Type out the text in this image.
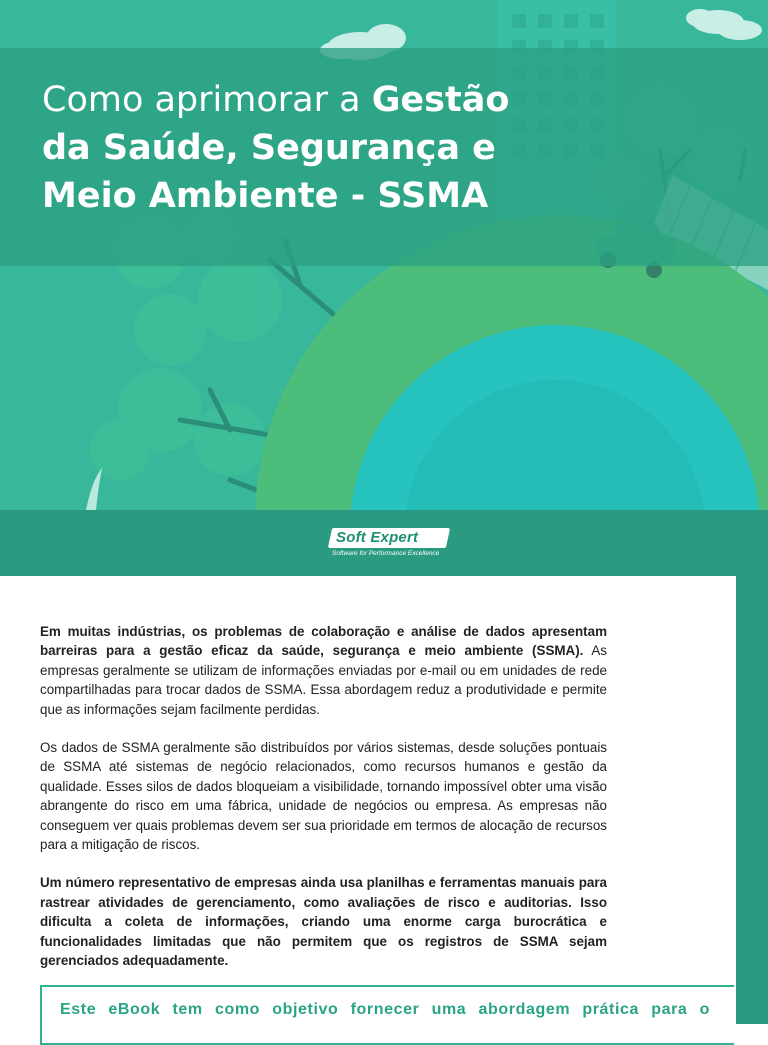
Como aprimorar a Gestão
da Saúde, Segurança e
Meio Ambiente - SSMA
Soft Expert
Software for Performance Excellence

Em muitas indústrias, os problemas de colaboração e análise de dados apresentam barreiras para a gestão eficaz da saúde, segurança e meio ambiente (SSMA). As empresas geralmente se utilizam de informações enviadas por e-mail ou em unidades de rede compartilhadas para trocar dados de SSMA. Essa abordagem reduz a produtividade e permite que as informações sejam facilmente perdidas.

Os dados de SSMA geralmente são distribuídos por vários sistemas, desde soluções pontuais de SSMA até sistemas de negócio relacionados, como recursos humanos e gestão da qualidade. Esses silos de dados bloqueiam a visibilidade, tornando impossível obter uma visão abrangente do risco em uma fábrica, unidade de negócios ou empresa. As empresas não conseguem ver quais problemas devem ser sua prioridade em termos de alocação de recursos para a mitigação de riscos.

Um número representativo de empresas ainda usa planilhas e ferramentas manuais para rastrear atividades de gerenciamento, como avaliações de risco e auditorias. Isso dificulta a coleta de informações, criando uma enorme carga burocrática e funcionalidades limitadas que não permitem que os registros de SSMA sejam gerenciados adequadamente.

Este eBook tem como objetivo fornecer uma abordagem prática para o
